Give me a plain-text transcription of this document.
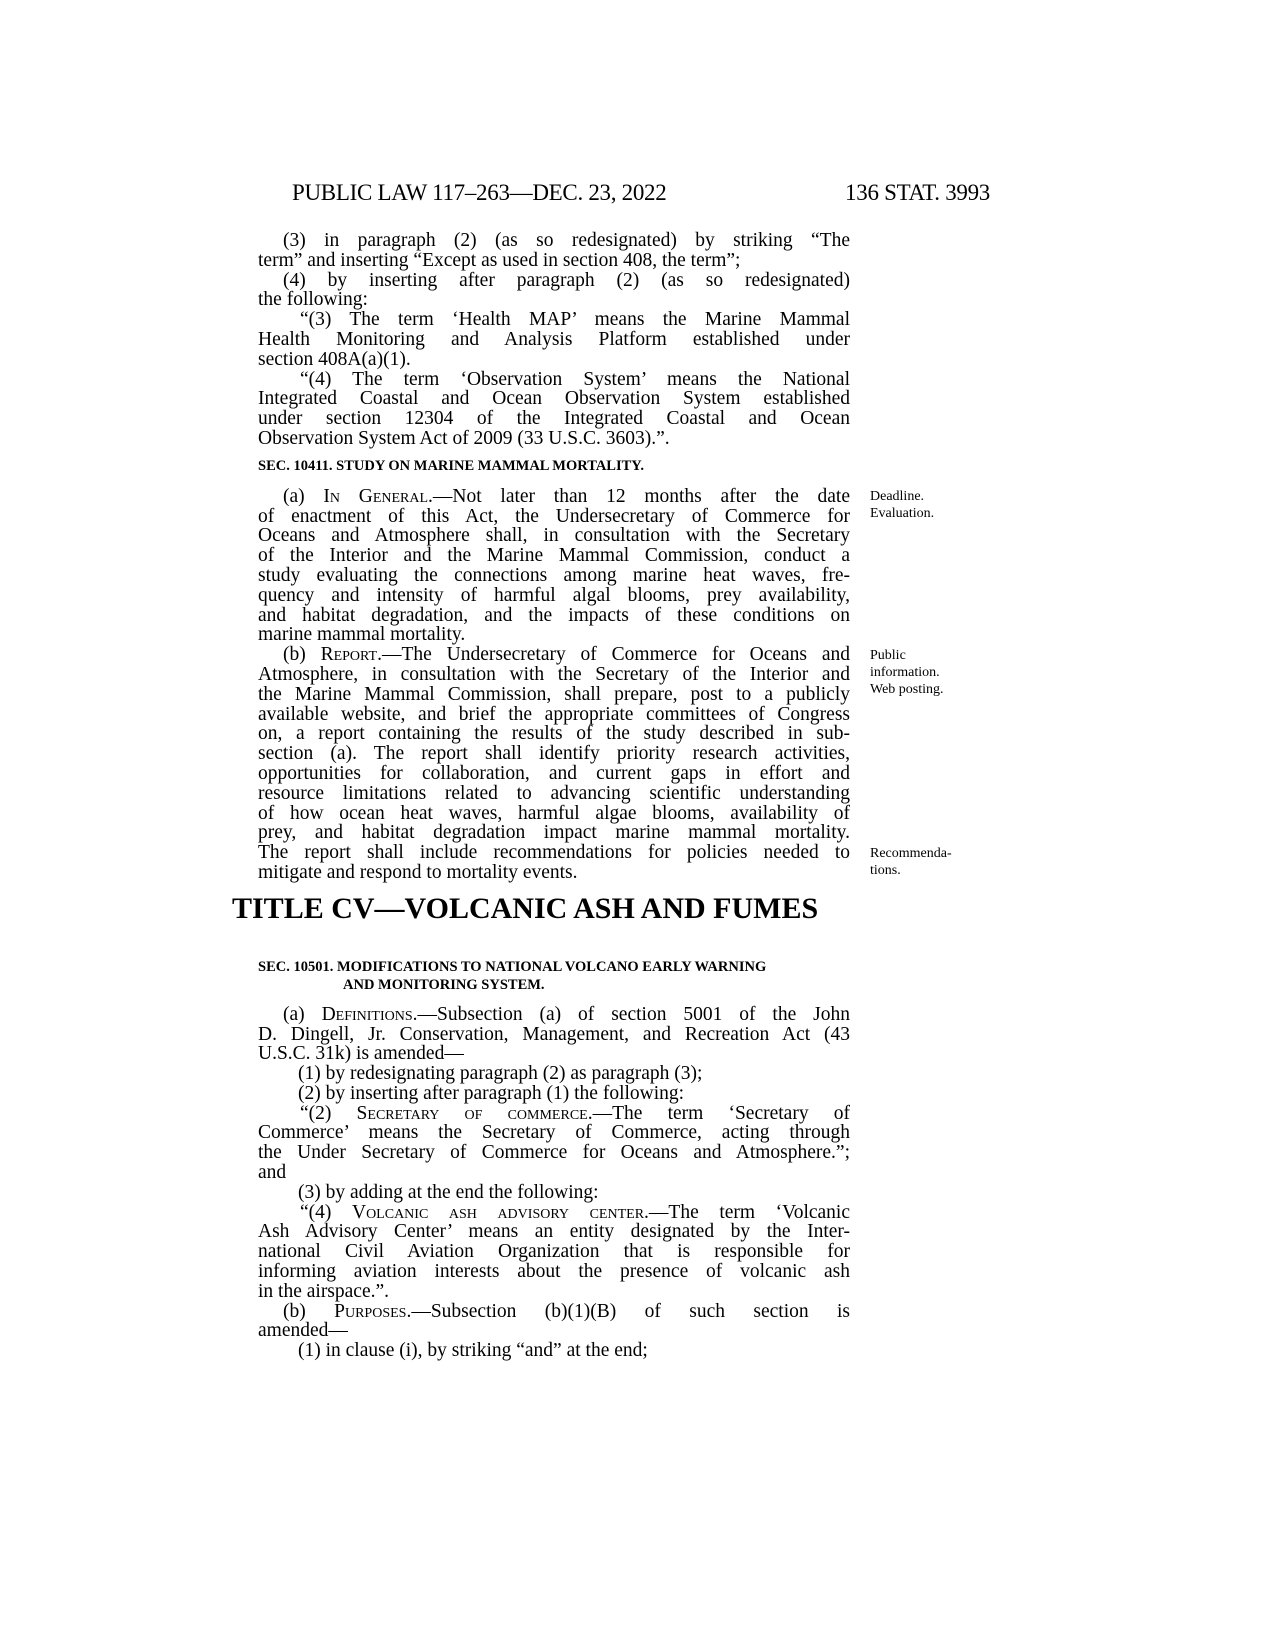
PUBLIC LAW 117–263—DEC. 23, 2022	136 STAT. 3993
(3) in paragraph (2) (as so redesignated) by striking “The
term” and inserting “Except as used in section 408, the term”;
(4) by inserting after paragraph (2) (as so redesignated)
the following:
“(3) The term ‘Health MAP’ means the Marine Mammal
Health Monitoring and Analysis Platform established under
section 408A(a)(1).
“(4) The term ‘Observation System’ means the National
Integrated Coastal and Ocean Observation System established
under section 12304 of the Integrated Coastal and Ocean
Observation System Act of 2009 (33 U.S.C. 3603).”.
SEC. 10411. STUDY ON MARINE MAMMAL MORTALITY.
(a) In General.—Not later than 12 months after the date
of enactment of this Act, the Undersecretary of Commerce for
Oceans and Atmosphere shall, in consultation with the Secretary
of the Interior and the Marine Mammal Commission, conduct a
study evaluating the connections among marine heat waves, fre-
quency and intensity of harmful algal blooms, prey availability,
and habitat degradation, and the impacts of these conditions on
marine mammal mortality.
(b) Report.—The Undersecretary of Commerce for Oceans and
Atmosphere, in consultation with the Secretary of the Interior and
the Marine Mammal Commission, shall prepare, post to a publicly
available website, and brief the appropriate committees of Congress
on, a report containing the results of the study described in sub-
section (a). The report shall identify priority research activities,
opportunities for collaboration, and current gaps in effort and
resource limitations related to advancing scientific understanding
of how ocean heat waves, harmful algae blooms, availability of
prey, and habitat degradation impact marine mammal mortality.
The report shall include recommendations for policies needed to
mitigate and respond to mortality events.
TITLE CV—VOLCANIC ASH AND FUMES
SEC. 10501. MODIFICATIONS TO NATIONAL VOLCANO EARLY WARNING
AND MONITORING SYSTEM.
(a) Definitions.—Subsection (a) of section 5001 of the John
D. Dingell, Jr. Conservation, Management, and Recreation Act (43
U.S.C. 31k) is amended—
(1) by redesignating paragraph (2) as paragraph (3);
(2) by inserting after paragraph (1) the following:
“(2) Secretary of commerce.—The term ‘Secretary of
Commerce’ means the Secretary of Commerce, acting through
the Under Secretary of Commerce for Oceans and Atmosphere.”;
and
(3) by adding at the end the following:
“(4) Volcanic ash advisory center.—The term ‘Volcanic
Ash Advisory Center’ means an entity designated by the Inter-
national Civil Aviation Organization that is responsible for
informing aviation interests about the presence of volcanic ash
in the airspace.”.
(b) Purposes.—Subsection (b)(1)(B) of such section is
amended—
(1) in clause (i), by striking “and” at the end;
Deadline.
Evaluation.
Public
information.
Web posting.
Recommenda-
tions.
